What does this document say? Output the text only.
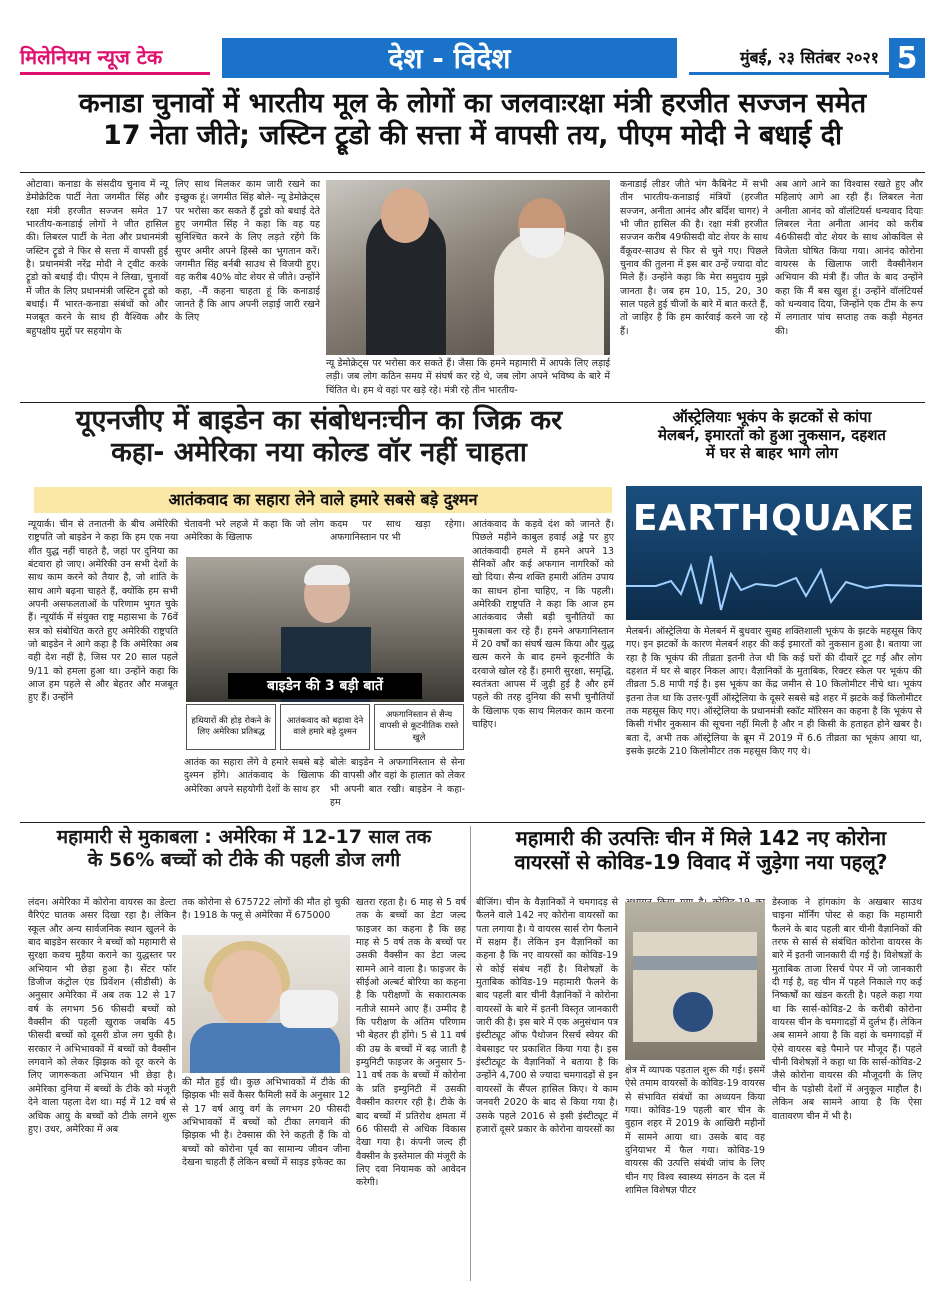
मिलेनियम न्यूज टेक	देश - विदेश	मुंबई, २३ सितंबर २०२१ 5
कनाडा चुनावों में भारतीय मूल के लोगों का जलवाःरक्षा मंत्री हरजीत सज्जन समेत
17 नेता जीते; जस्टिन ट्रूडो की सत्ता में वापसी तय, पीएम मोदी ने बधाई दी
ओटावा। कनाडा के संसदीय चुनाव में न्यू डेमोक्रेटिक पार्टी नेता जगमीत सिंह और रक्षा मंत्री हरजीत सज्जन समेत 17 भारतीय-कनाडाई लोगों ने जीत हासिल की। लिबरल पार्टी के नेता और प्रधानमंत्री जस्टिन ट्रूडो ने फिर से सत्ता में वापसी हुई है। प्रधानमंत्री नरेंद्र मोदी ने ट्वीट करके ट्रूडो को बधाई दी। पीएम ने लिखा, चुनावों में जीत के लिए प्रधानमंत्री जस्टिन ट्रूडो को बधाई। मैं भारत-कनाडा संबंधों को और मजबूत करने के साथ ही वैश्विक और बहुपक्षीय मुद्दों पर सहयोग के
लिए साथ मिलकर काम जारी रखने का इच्छुक हूं। जगमीत सिंह बोले- न्यू डेमोक्रेट्स पर भरोसा कर सकते हैं ट्रूडो को बधाई देते हुए जगमीत सिंह ने कहा कि वह यह सुनिश्चित करने के लिए लड़ते रहेंगे कि सुपर अमीर अपने हिस्से का भुगतान करें। जगमीत सिंह बर्नबी साउथ से विजयी हुए। वह करीब 40% वोट शेयर से जीते। उन्होंने कहा, -मैं कहना चाहता हूं कि कनाडाई जानते हैं कि आप अपनी लड़ाई जारी रखने के लिए
न्यू डेमोक्रेट्स पर भरोसा कर सकते हैं। जैसा कि हमने महामारी में आपके लिए लड़ाई लड़ी। जब लोग कठिन समय में संघर्ष कर रहे थे, जब लोग अपने भविष्य के बारे में चिंतित थे। हम थे वहां पर खड़े रहे। मंत्री रहे तीन भारतीय-
कनाडाई लीडर जीते भंग कैबिनेट में सभी तीन भारतीय-कनाडाई मंत्रियों (हरजीत सज्जन, अनीता आनंद और बर्दिश चागर) ने भी जीत हासिल की है। रक्षा मंत्री हरजीत सज्जन करीब 49फीसदी वोट शेयर के साथ वैंकूवर-साउथ से फिर से चुने गए। पिछले चुनाव की तुलना में इस बार उन्हें ज्यादा वोट मिले हैं। उन्होंने कहा कि मेरा समुदाय मुझे जानता है। जब हम 10, 15, 20, 30 साल पहले हुई चीजों के बारे में बात करते हैं, तो जाहिर है कि हम कार्रवाई करने जा रहे हैं।
अब आगे आने का विश्वास रखते हुए और महिलाएं आगे आ रही हैं। लिबरल नेता अनीता आनंद को वॉलंटियर्स धन्यवाद दियाः लिबरल नेता अनीता आनंद को करीब 46फीसदी वोट शेयर के साथ ओकविल से विजेता घोषित किया गया। आनंद कोरोना वायरस के खिलाफ जारी वैक्सीनेशन अभियान की मंत्री हैं। जीत के बाद उन्होंने कहा कि मैं बस खुश हूं। उन्होंने वॉलंटियर्स को धन्यवाद दिया, जिन्होंने एक टीम के रूप में लगातार पांच सप्ताह तक कड़ी मेहनत की।
यूएनजीए में बाइडेन का संबोधनःचीन का जिक्र कर
कहा- अमेरिका नया कोल्ड वॉर नहीं चाहता
आतंकवाद का सहारा लेने वाले हमारे सबसे बड़े दुश्मन
न्यूयार्क। चीन से तनातनी के बीच अमेरिकी राष्ट्रपति जो बाइडेन ने कहा कि हम एक नया शीत युद्ध नहीं चाहते है, जहां पर दुनिया का बंटवारा हो जाए। अमेरिकी उन सभी देशों के साथ काम करने को तैयार है, जो शांति के साथ आगे बढ़ना चाहते हैं, क्योंकि हम सभी अपनी असफलताओं के परिणाम भुगत चुके हैं। न्यूयॉर्क में संयुक्त राष्ट्र महासभा के 76वें सत्र को संबोधित करते हुए अमेरिकी राष्ट्रपति जो बाइडेन ने आगे कहा है कि अमेरिका अब वही देश नहीं है, जिस पर 20 साल पहले 9/11 को हमला हुआ था। उन्होंने कहा कि आज हम पहले से और बेहतर और मजबूत हुए हैं। उन्होंने
चेतावनी भरे लहजे में कहा कि जो लोग अमेरिका के खिलाफ
कदम पर साथ खड़ा रहेगा। अफगानिस्तान पर भी
बाइडेन की 3 बड़ी बातें
हथियारों की होड़ रोकने के लिए अमेरिका प्रतिबद्ध
आतंकवाद को बढ़ावा देने वाले हमारे बड़े दुश्मन
अफगानिस्तान से सैन्य वापसी से कूटनीतिक रास्ते खुले
आतंक का सहारा लेंगे वे हमारे सबसे बड़े दुश्मन होंगे। आतंकवाद के खिलाफ अमेरिका अपने सहयोगी देशों के साथ हर
बोलेः बाइडेन ने अफगानिस्तान से सेना की वापसी और वहां के हालात को लेकर भी अपनी बात रखी। बाइडेन ने कहा- हम
आतंकवाद के कड़वे दंश को जानते हैं। पिछले महीने काबुल हवाई अड्डे पर हुए आतंकवादी हमले में हमने अपने 13 सैनिकों और कई अफगान नागरिकों को खो दिया। सैन्य शक्ति हमारी अंतिम उपाय का साधन होना चाहिए, न कि पहली। अमेरिकी राष्ट्रपति ने कहा कि आज हम आतंकवाद जैसी बड़ी चुनौतियों का मुकाबला कर रहे हैं। हमने अफगानिस्तान में 20 वर्षों का संघर्ष खत्म किया और युद्ध खत्म करने के बाद हमने कूटनीति के दरवाजे खोल रहे हैं। हमारी सुरक्षा, समृद्धि, स्वतंत्रता आपस में जुड़ी हुई है और हमें पहले की तरह दुनिया की सभी चुनौतियों के खिलाफ एक साथ मिलकर काम करना चाहिए।
ऑस्ट्रेलियाः भूकंप के झटकों से कांपा
मेलबर्न, इमारतों को हुआ नुकसान, दहशत
में घर से बाहर भागे लोग
EARTHQUAKE
मेलबर्न। ऑस्ट्रेलिया के मेलबर्न में बुधवार सुबह शक्तिशाली भूकंप के झटके महसूस किए गए। इन झटकों के कारण मेलबर्न शहर की कई इमारतों को नुकसान हुआ है। बताया जा रहा है कि भूकंप की तीव्रता इतनी तेज थी कि कई घरों की दीवारें टूट गईं और लोग दहशत में घर से बाहर निकल आए। वैज्ञानिकों के मुताबिक, रिक्टर स्केल पर भूकंप की तीव्रता 5.8 मापी गई है। इस भूकंप का केंद्र जमीन से 10 किलोमीटर नीचे था। भूकंप इतना तेज था कि उत्तर-पूर्वी ऑस्ट्रेलिया के दूसरे सबसे बड़े शहर में झटके कई किलोमीटर तक महसूस किए गए। ऑस्ट्रेलिया के प्रधानमंत्री स्कॉट मॉरिसन का कहना है कि भूकंप से किसी गंभीर नुकसान की सूचना नहीं मिली है और न ही किसी के हताहत होने खबर है। बता दें, अभी तक ऑस्ट्रेलिया के ब्रूम में 2019 में 6.6 तीव्रता का भूकंप आया था, इसके झटके 210 किलोमीटर तक महसूस किए गए थे।
महामारी से मुकाबला : अमेरिका में 12-17 साल तक
के 56% बच्चों को टीके की पहली डोज लगी
लंदन। अमेरिका में कोरोना वायरस का डेल्टा वैरिएंट घातक असर दिखा रहा है। लेकिन स्कूल और अन्य सार्वजनिक स्थान खुलने के बाद बाइडेन सरकार ने बच्चों को महामारी से सुरक्षा कवच मुहैया कराने का युद्धस्तर पर अभियान भी छेड़ा हुआ है। सेंटर फॉर डिजीज कंट्रोल एंड प्रिवेंशन (सीडीसी) के अनुसार अमेरिका में अब तक 12 से 17 वर्ष के लगभग 56 फीसदी बच्चों को वैक्सीन की पहली खुराक जबकि 45 फीसदी बच्चों को दूसरी डोज लग चुकी है। सरकार ने अभिभावकों में बच्चों को वैक्सीन लगवाने को लेकर झिझक को दूर करने के लिए जागरूकता अभियान भी छेड़ा है। अमेरिका दुनिया में बच्चों के टीके को मंजूरी देने वाला पहला देश था। मई में 12 वर्ष से अधिक आयु के बच्चों को टीके लगने शुरू हुए। उधर, अमेरिका में अब
तक कोरोना से 675722 लोगों की मौत हो चुकी है। 1918 के फ्लू से अमेरिका में 675000
की मौत हुई थी। कुछ अभिभावकों में टीके की झिझक भीः सर्वे कैसर फैमिली सर्वे के अनुसार 12 से 17 वर्ष आयु वर्ग के लगभग 20 फीसदी अभिभावकों में बच्चों को टीका लगवाने की झिझक भी है। टेक्सास की रेने कहती हैं कि वो बच्चों को कोरोना पूर्व का सामान्य जीवन जीना देखना चाहती हैं लेकिन बच्चों में साइड इफेक्ट का
खतरा रहता है। 6 माह से 5 वर्ष तक के बच्चों का डेटा जल्द फाइजर का कहना है कि छह माह से 5 वर्ष तक के बच्चों पर उसकी वैक्सीन का डेटा जल्द सामने आने वाला है। फाइजर के सीईओ अल्बर्ट बोरिया का कहना है कि परीक्षणों के सकारात्मक नतीजे सामने आए हैं। उम्मीद है कि परीक्षण के अंतिम परिणाम भी बेहतर ही होंगे। 5 से 11 वर्ष की उम्र के बच्चों में बढ़ जाती है इम्युनिटी फाइजर के अनुसार 5-11 वर्ष तक के बच्चों में कोरोना के प्रति इम्युनिटी में उसकी वैक्सीन कारगर रही है। टीके के बाद बच्चों में प्रतिरोध क्षमता में 66 फीसदी से अधिक विकास देखा गया है। कंपनी जल्द ही वैक्सीन के इस्तेमाल की मंजूरी के लिए दवा नियामक को आवेदन करेगी।
महामारी की उत्पत्तिः चीन में मिले 142 नए कोरोना
वायरसों से कोविड-19 विवाद में जुड़ेगा नया पहलू?
बीजिंग। चीन के वैज्ञानिकों ने चमगादड़ से फैलने वाले 142 नए कोरोना वायरसों का पता लगाया है। ये वायरस सार्स रोग फैलाने में सक्षम हैं। लेकिन इन वैज्ञानिकों का कहना है कि नए वायरसों का कोविड-19 से कोई संबंध नहीं है। विशेषज्ञों के मुताबिक कोविड-19 महामारी फैलने के बाद पहली बार चीनी वैज्ञानिकों ने कोरोना वायरसों के बारे में इतनी विस्तृत जानकारी जारी की है। इस बारे में एक अनुसंधान पत्र इंस्टीट्यूट ऑफ पैथोजन रिसर्च स्वेयर की वेबसाइट पर प्रकाशित किया गया है। इस इंस्टीट्यूट के वैज्ञानिकों ने बताया है कि उन्होंने 4,700 से ज्यादा चमगादड़ों से इन वायरसों के सैंपल हासिल किए। ये काम जनवरी 2020 के बाद से किया गया है। उसके पहले 2016 से इसी इंस्टीट्यूट में हजारों दूसरे प्रकार के कोरोना वायरसों का
क्षेत्र में व्यापक पड़ताल शुरू की गई। इसमें ऐसे तमाम वायरसों के कोविड-19 वायरस से संभावित संबंधों का अध्ययन किया गया। कोविड-19 पहली बार चीन के वुहान शहर में 2019 के आखिरी महीनों में सामने आया था। उसके बाद वह दुनियाभर में फैल गया। कोविड-19 वायरस की उत्पत्ति संबंधी जांच के लिए चीन गए विश्व स्वास्थ्य संगठन के दल में शामिल विशेषज्ञ पीटर
डेस्जाक ने हांगकांग के अखबार साउथ चाइना मॉर्निंग पोस्ट से कहा कि महामारी फैलने के बाद पहली बार चीनी वैज्ञानिकों की तरफ से सार्स से संबंधित कोरोना वायरस के बारे में इतनी जानकारी दी गई है। विशेषज्ञों के मुताबिक ताजा रिसर्च पेपर में जो जानकारी दी गई है, वह चीन में पहले निकाले गए कई निष्कर्षों का खंडन करती है। पहले कहा गया था कि सार्स-कोविड-2 के करीबी कोरोना वायरस चीन के चमगादड़ों में दुर्लभ हैं। लेकिन अब सामने आया है कि वहां के चमगादड़ों में ऐसे वायरस बड़े पैमाने पर मौजूद हैं। पहले चीनी विशेषज्ञों ने कहा था कि सार्स-कोविड-2 जैसे कोरोना वायरस की मौजूदगी के लिए चीन के पड़ोसी देशों में अनुकूल माहौल है। लेकिन अब सामने आया है कि ऐसा वातावरण चीन में भी है।
